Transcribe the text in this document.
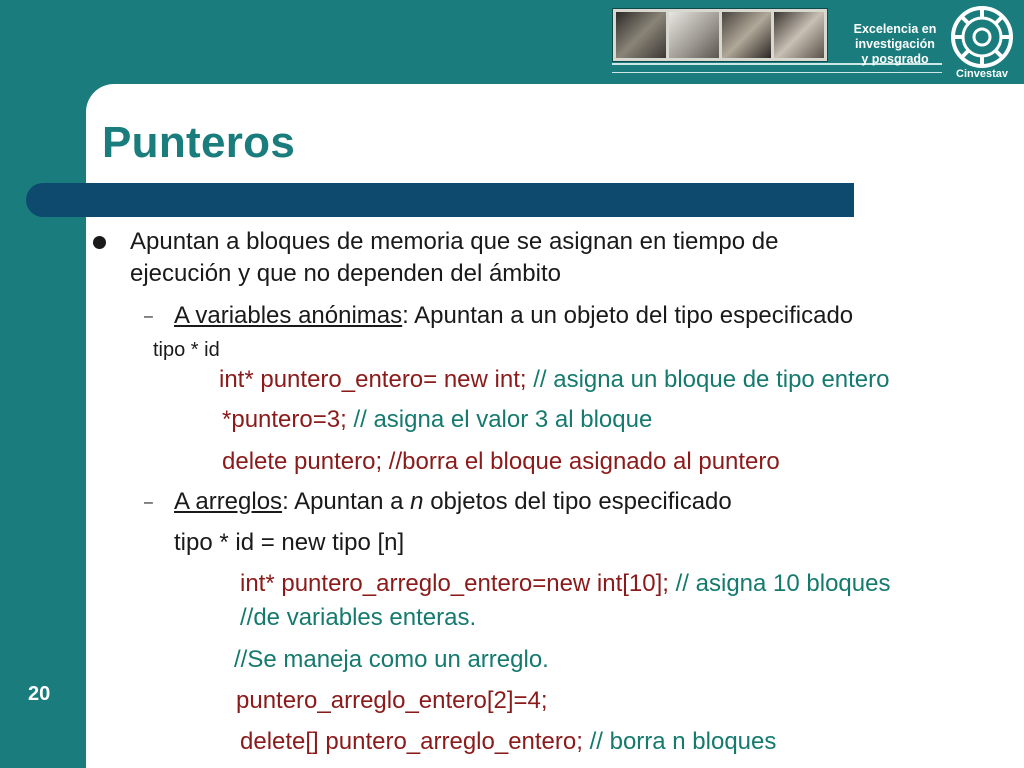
Excelencia en
investigación
y posgrado
Cinvestav
Punteros
20
Apuntan a bloques de memoria que se asignan en tiempo de
ejecución y que no dependen del ámbito
– A variables anónimas: Apuntan a un objeto del tipo especificado
tipo * id
int* puntero_entero= new int; // asigna un bloque de tipo entero
*puntero=3; // asigna el valor 3 al bloque
delete puntero; //borra el bloque asignado al puntero
– A arreglos: Apuntan a n objetos del tipo especificado
tipo * id = new tipo [n]
int* puntero_arreglo_entero=new int[10]; // asigna 10 bloques
//de variables enteras.
//Se maneja como un arreglo.
puntero_arreglo_entero[2]=4;
delete[] puntero_arreglo_entero; // borra n bloques
